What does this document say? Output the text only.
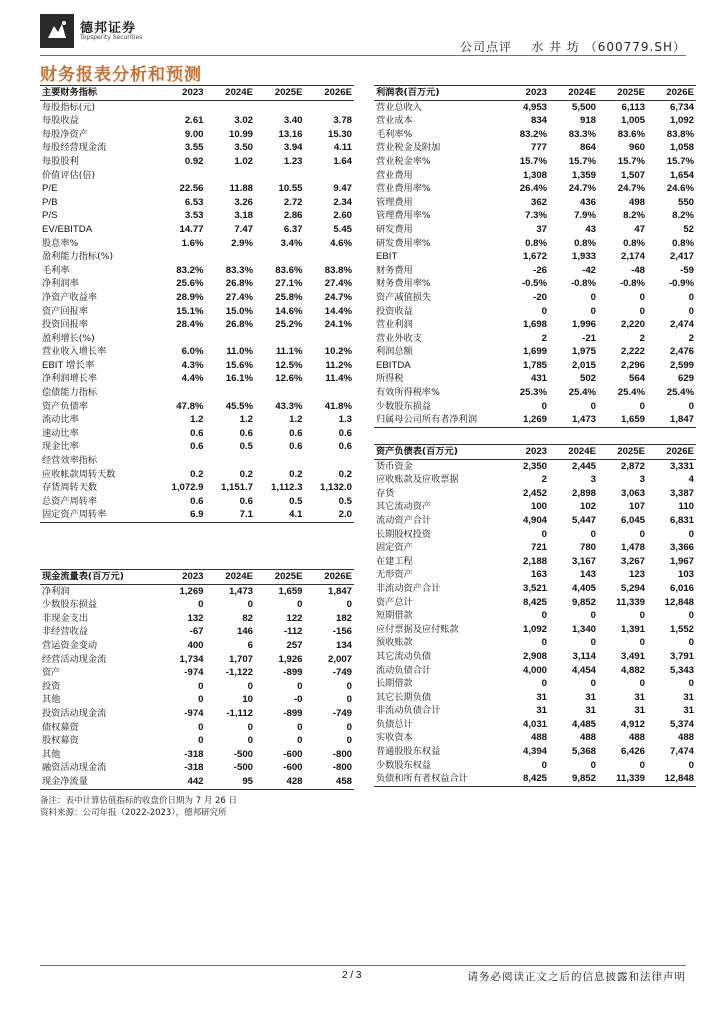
德邦证券
Topsperity Securities
公司点评 水 井 坊 （600779.SH）
财务报表分析和预测
主要财务指标	2023	2024E	2025E	2026E
每股指标(元)				
每股收益	2.61	3.02	3.40	3.78
每股净资产	9.00	10.99	13.16	15.30
每股经营现金流	3.55	3.50	3.94	4.11
每股股利	0.92	1.02	1.23	1.64
价值评估(倍)				
P/E	22.56	11.88	10.55	9.47
P/B	6.53	3.26	2.72	2.34
P/S	3.53	3.18	2.86	2.60
EV/EBITDA	14.77	7.47	6.37	5.45
股息率%	1.6%	2.9%	3.4%	4.6%
盈利能力指标(%)				
毛利率	83.2%	83.3%	83.6%	83.8%
净利润率	25.6%	26.8%	27.1%	27.4%
净资产收益率	28.9%	27.4%	25.8%	24.7%
资产回报率	15.1%	15.0%	14.6%	14.4%
投资回报率	28.4%	26.8%	25.2%	24.1%
盈利增长(%)				
营业收入增长率	6.0%	11.0%	11.1%	10.2%
EBIT 增长率	4.3%	15.6%	12.5%	11.2%
净利润增长率	4.4%	16.1%	12.6%	11.4%
偿债能力指标				
资产负债率	47.8%	45.5%	43.3%	41.8%
流动比率	1.2	1.2	1.2	1.3
速动比率	0.6	0.6	0.6	0.6
现金比率	0.6	0.5	0.6	0.6
经营效率指标				
应收帐款周转天数	0.2	0.2	0.2	0.2
存货周转天数	1,072.9	1,151.7	1,112.3	1,132.0
总资产周转率	0.6	0.6	0.5	0.5
固定资产周转率	6.9	7.1	4.1	2.0
利润表(百万元)	2023	2024E	2025E	2026E
营业总收入	4,953	5,500	6,113	6,734
营业成本	834	918	1,005	1,092
毛利率%	83.2%	83.3%	83.6%	83.8%
营业税金及附加	777	864	960	1,058
营业税金率%	15.7%	15.7%	15.7%	15.7%
营业费用	1,308	1,359	1,507	1,654
营业费用率%	26.4%	24.7%	24.7%	24.6%
管理费用	362	436	498	550
管理费用率%	7.3%	7.9%	8.2%	8.2%
研发费用	37	43	47	52
研发费用率%	0.8%	0.8%	0.8%	0.8%
EBIT	1,672	1,933	2,174	2,417
财务费用	-26	-42	-48	-59
财务费用率%	-0.5%	-0.8%	-0.8%	-0.9%
资产减值损失	-20	0	0	0
投资收益	0	0	0	0
营业利润	1,698	1,996	2,220	2,474
营业外收支	2	-21	2	2
利润总额	1,699	1,975	2,222	2,476
EBITDA	1,785	2,015	2,296	2,599
所得税	431	502	564	629
有效所得税率%	25.3%	25.4%	25.4%	25.4%
少数股东损益	0	0	0	0
归属母公司所有者净利润	1,269	1,473	1,659	1,847
资产负债表(百万元)	2023	2024E	2025E	2026E
货币资金	2,350	2,445	2,872	3,331
应收账款及应收票据	2	3	3	4
存货	2,452	2,898	3,063	3,387
其它流动资产	100	102	107	110
流动资产合计	4,904	5,447	6,045	6,831
长期股权投资	0	0	0	0
固定资产	721	780	1,478	3,366
在建工程	2,188	3,167	3,267	1,967
无形资产	163	143	123	103
非流动资产合计	3,521	4,405	5,294	6,016
资产总计	8,425	9,852	11,339	12,848
短期借款	0	0	0	0
应付票据及应付账款	1,092	1,340	1,391	1,552
预收账款	0	0	0	0
其它流动负债	2,908	3,114	3,491	3,791
流动负债合计	4,000	4,454	4,882	5,343
长期借款	0	0	0	0
其它长期负债	31	31	31	31
非流动负债合计	31	31	31	31
负债总计	4,031	4,485	4,912	5,374
实收资本	488	488	488	488
普通股股东权益	4,394	5,368	6,426	7,474
少数股东权益	0	0	0	0
负债和所有者权益合计	8,425	9,852	11,339	12,848
现金流量表(百万元)	2023	2024E	2025E	2026E
净利润	1,269	1,473	1,659	1,847
少数股东损益	0	0	0	0
非现金支出	132	82	122	182
非经营收益	-67	146	-112	-156
营运资金变动	400	6	257	134
经营活动现金流	1,734	1,707	1,926	2,007
资产	-974	-1,122	-899	-749
投资	0	0	0	0
其他	0	10	-0	0
投资活动现金流	-974	-1,112	-899	-749
债权募资	0	0	0	0
股权募资	0	0	0	0
其他	-318	-500	-600	-800
融资活动现金流	-318	-500	-600	-800
现金净流量	442	95	428	458
备注：表中计算估值指标的收盘价日期为 7 月 26 日
资料来源：公司年报（2022-2023），德邦研究所
2 / 3	请务必阅读正文之后的信息披露和法律声明
